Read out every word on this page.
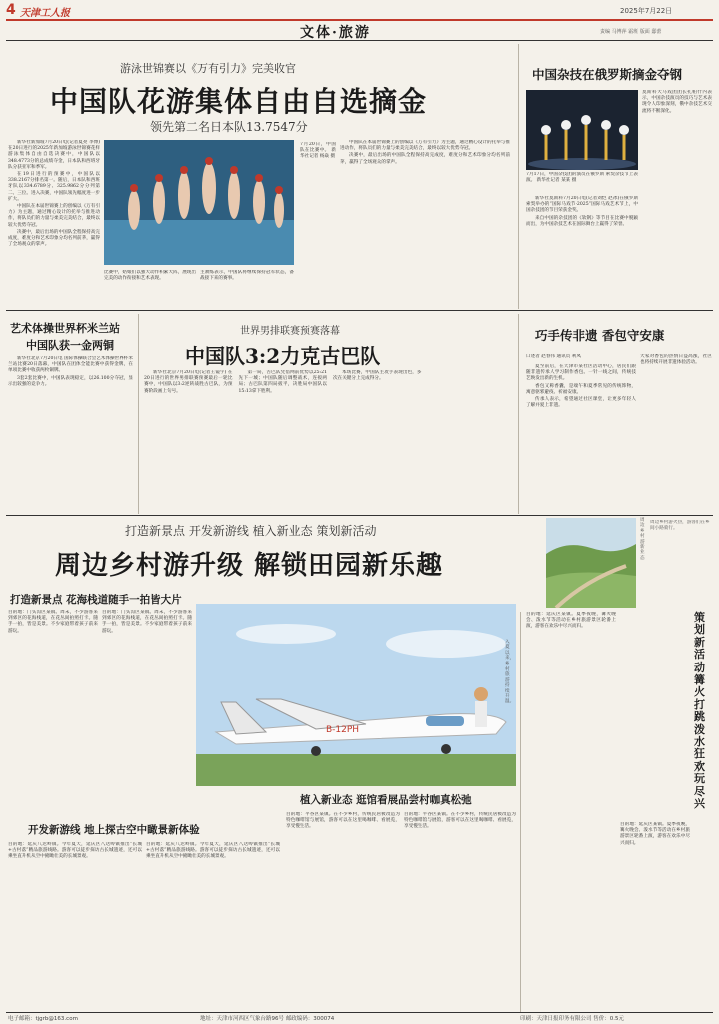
4 天津工人报	2025年7月22日
文体·旅游	责编 马博萍 霜班 版面 邸蕾
游泳世锦赛以《万有引力》完美收官
中国队花游集体自由自选摘金
领先第二名日本队13.7547分

新华社新加坡7月20日电(记者夏亮 李博)在20日进行的2025年新加坡游泳世锦赛花样游泳集体自由自选决赛中，中国队以348.4773分的总成绩夺金，日本队和西班牙队分获亚军和季军。

在19日进行的预赛中，中国队以338.2167分排名第一。随后，日本队和西班牙队以334.6789分、325.9862分分列第二、三位。进入决赛，中国队领先幅度进一步扩大。

中国队在本届世锦赛上的创编以《万有引力》为主题，通过精心设计的托举与推进动作，将队员们的力量与柔美完美结合，最终以较大优势夺冠。

决赛中，最后出场的中国队全程保持高完成度，难度分和艺术印象分均名列前茅，赢得了全场观众的掌声。

7月20日，中国队在比赛中。 新华社记者 杨焱 摄
比赛中，姑娘们以强大动作积累大阵，展现出完美的动作衔接和艺术表现。
主教练表示，中国队将继续保持冠军状态，备战接下来的赛事。

中国队在本届世锦赛上的创编以《万有引力》为主题，通过精心设计的托举与推进动作，将队员们的力量与柔美完美结合，最终以较大优势夺冠。

决赛中，最后出场的中国队全程保持高完成度，难度分和艺术印象分均名列前茅，赢得了全场观众的掌声。

中国杂技在俄罗斯摘金夺钢
7月17日，中国杂技团的演员在俄罗斯 索契杂技节上表演。 新华社记者 某某 摄

新华社莫斯科7月20日电(记者刘恺 赵冰)在俄罗斯索契举办的“国际马戏节·2025”国际马戏艺术节上，中国杂技团的节目荣获金奖。

来自中国的杂技团的《软钢》等节目在比赛中脱颖而出，为中国杂技艺术在国际舞台上赢得了荣誉。

莫斯科大马戏团团长扎帕什内表示，中国杂技演员的技巧与艺术表现令人印象深刻，俄中杂技艺术交流将不断深化。
艺术体操世界杯米兰站
中国队获一金两铜

新华社北京7月20日电 国际体操联合会艺术体操世界杯米兰站比赛20日落幕，中国队在团体全能比赛中获得金牌，在单项比赛中收获两枚铜牌。

3套2套比赛中，中国队表现稳定，以26.100分夺冠，显示出较强的竞争力。

世界男排联赛预赛落幕
中国队3:2力克古巴队

新华社北京7月20日电(记者王镜宇) 在20日进行的世界男排联赛预赛最后一轮比赛中，中国队以3:2逆转战胜古巴队，为预赛阶段画上句号。

第一局，古巴队凭借网前优势以25:21先下一城；中国队随后调整战术，连扳两局；古巴队第四局扳平，决胜局中国队以15:13拿下胜利。

本场比赛，中国队主攻手表现出色，多次在关键分上完成得分。

巧手传非遗 香包守安康
口述者 赵春伟 通讯员 利凤

夏至前后，在天津市某社区活动中心，居民们跟随非遗传承人学习制作香包。一针一线之间，传统技艺焕发出新的生机。

香包又称香囊，是端午和夏季常见的传统饰物，寓意驱邪避疫、祈福安康。

传承人表示，希望通过社区课堂，让更多年轻人了解并爱上非遗。

大家对香包的热情日益高涨，社区也将持续开展非遗体验活动。
打造新景点 开发新游线 植入新业态 策划新活动
周边乡村游升级 解锁田园新乐趣
周边乡村游新业态
周边乡村游火热，游客们在乡间小路骑行。
打造新景点 花海栈道随手一拍皆大片
目的地：门头沟区某镇。周末，不少游客来到郊区的花海栈道，在花丛间拍照打卡。随手一拍，皆是美景。不少家庭带着孩子前来游玩。
目的地：门头沟区某镇。周末，不少游客来到郊区的花海栈道，在花丛间拍照打卡。随手一拍，皆是美景。不少家庭带着孩子前来游玩。
开发新游线 地上探古空中瞰景新体验
目的地：延庆八达岭镇。今年夏天，延庆区八达岭镇推出“长城+古村落”精品旅游线路。游客可以徒步探访古长城遗迹，还可以乘坐直升机从空中俯瞰壮美的长城景观。
目的地：延庆八达岭镇。今年夏天，延庆区八达岭镇推出“长城+古村落”精品旅游线路。游客可以徒步探访古长城遗迹，还可以乘坐直升机从空中俯瞰壮美的长城景观。
B-12PH
入夏以来，乡村旅游持续升温。
植入新业态 逛馆看展品尝村咖真松弛
目的地：平谷区某镇。在不少乡村，传统民居被改造为特色咖啡馆与展馆，游客可以在这里喝咖啡、看展览，享受慢生活。
目的地：平谷区某镇。在不少乡村，传统民居被改造为特色咖啡馆与展馆，游客可以在这里喝咖啡、看展览，享受慢生活。
目的地：延庆区某镇。夏季夜晚，篝火晚会、泼水节等活动在乡村旅游景区轮番上演，游客在欢乐中尽兴而归。
目的地：延庆区某镇。夏季夜晚，篝火晚会、泼水节等活动在乡村旅游景区轮番上演，游客在欢乐中尽兴而归。
策划新活动 篝火打跳泼水狂欢玩尽兴
电子邮箱：tjgrb@163.com	地址：天津市河西区气象台路96号 邮政编码：300074	印刷：天津日报印务有限公司 售价：0.5元
